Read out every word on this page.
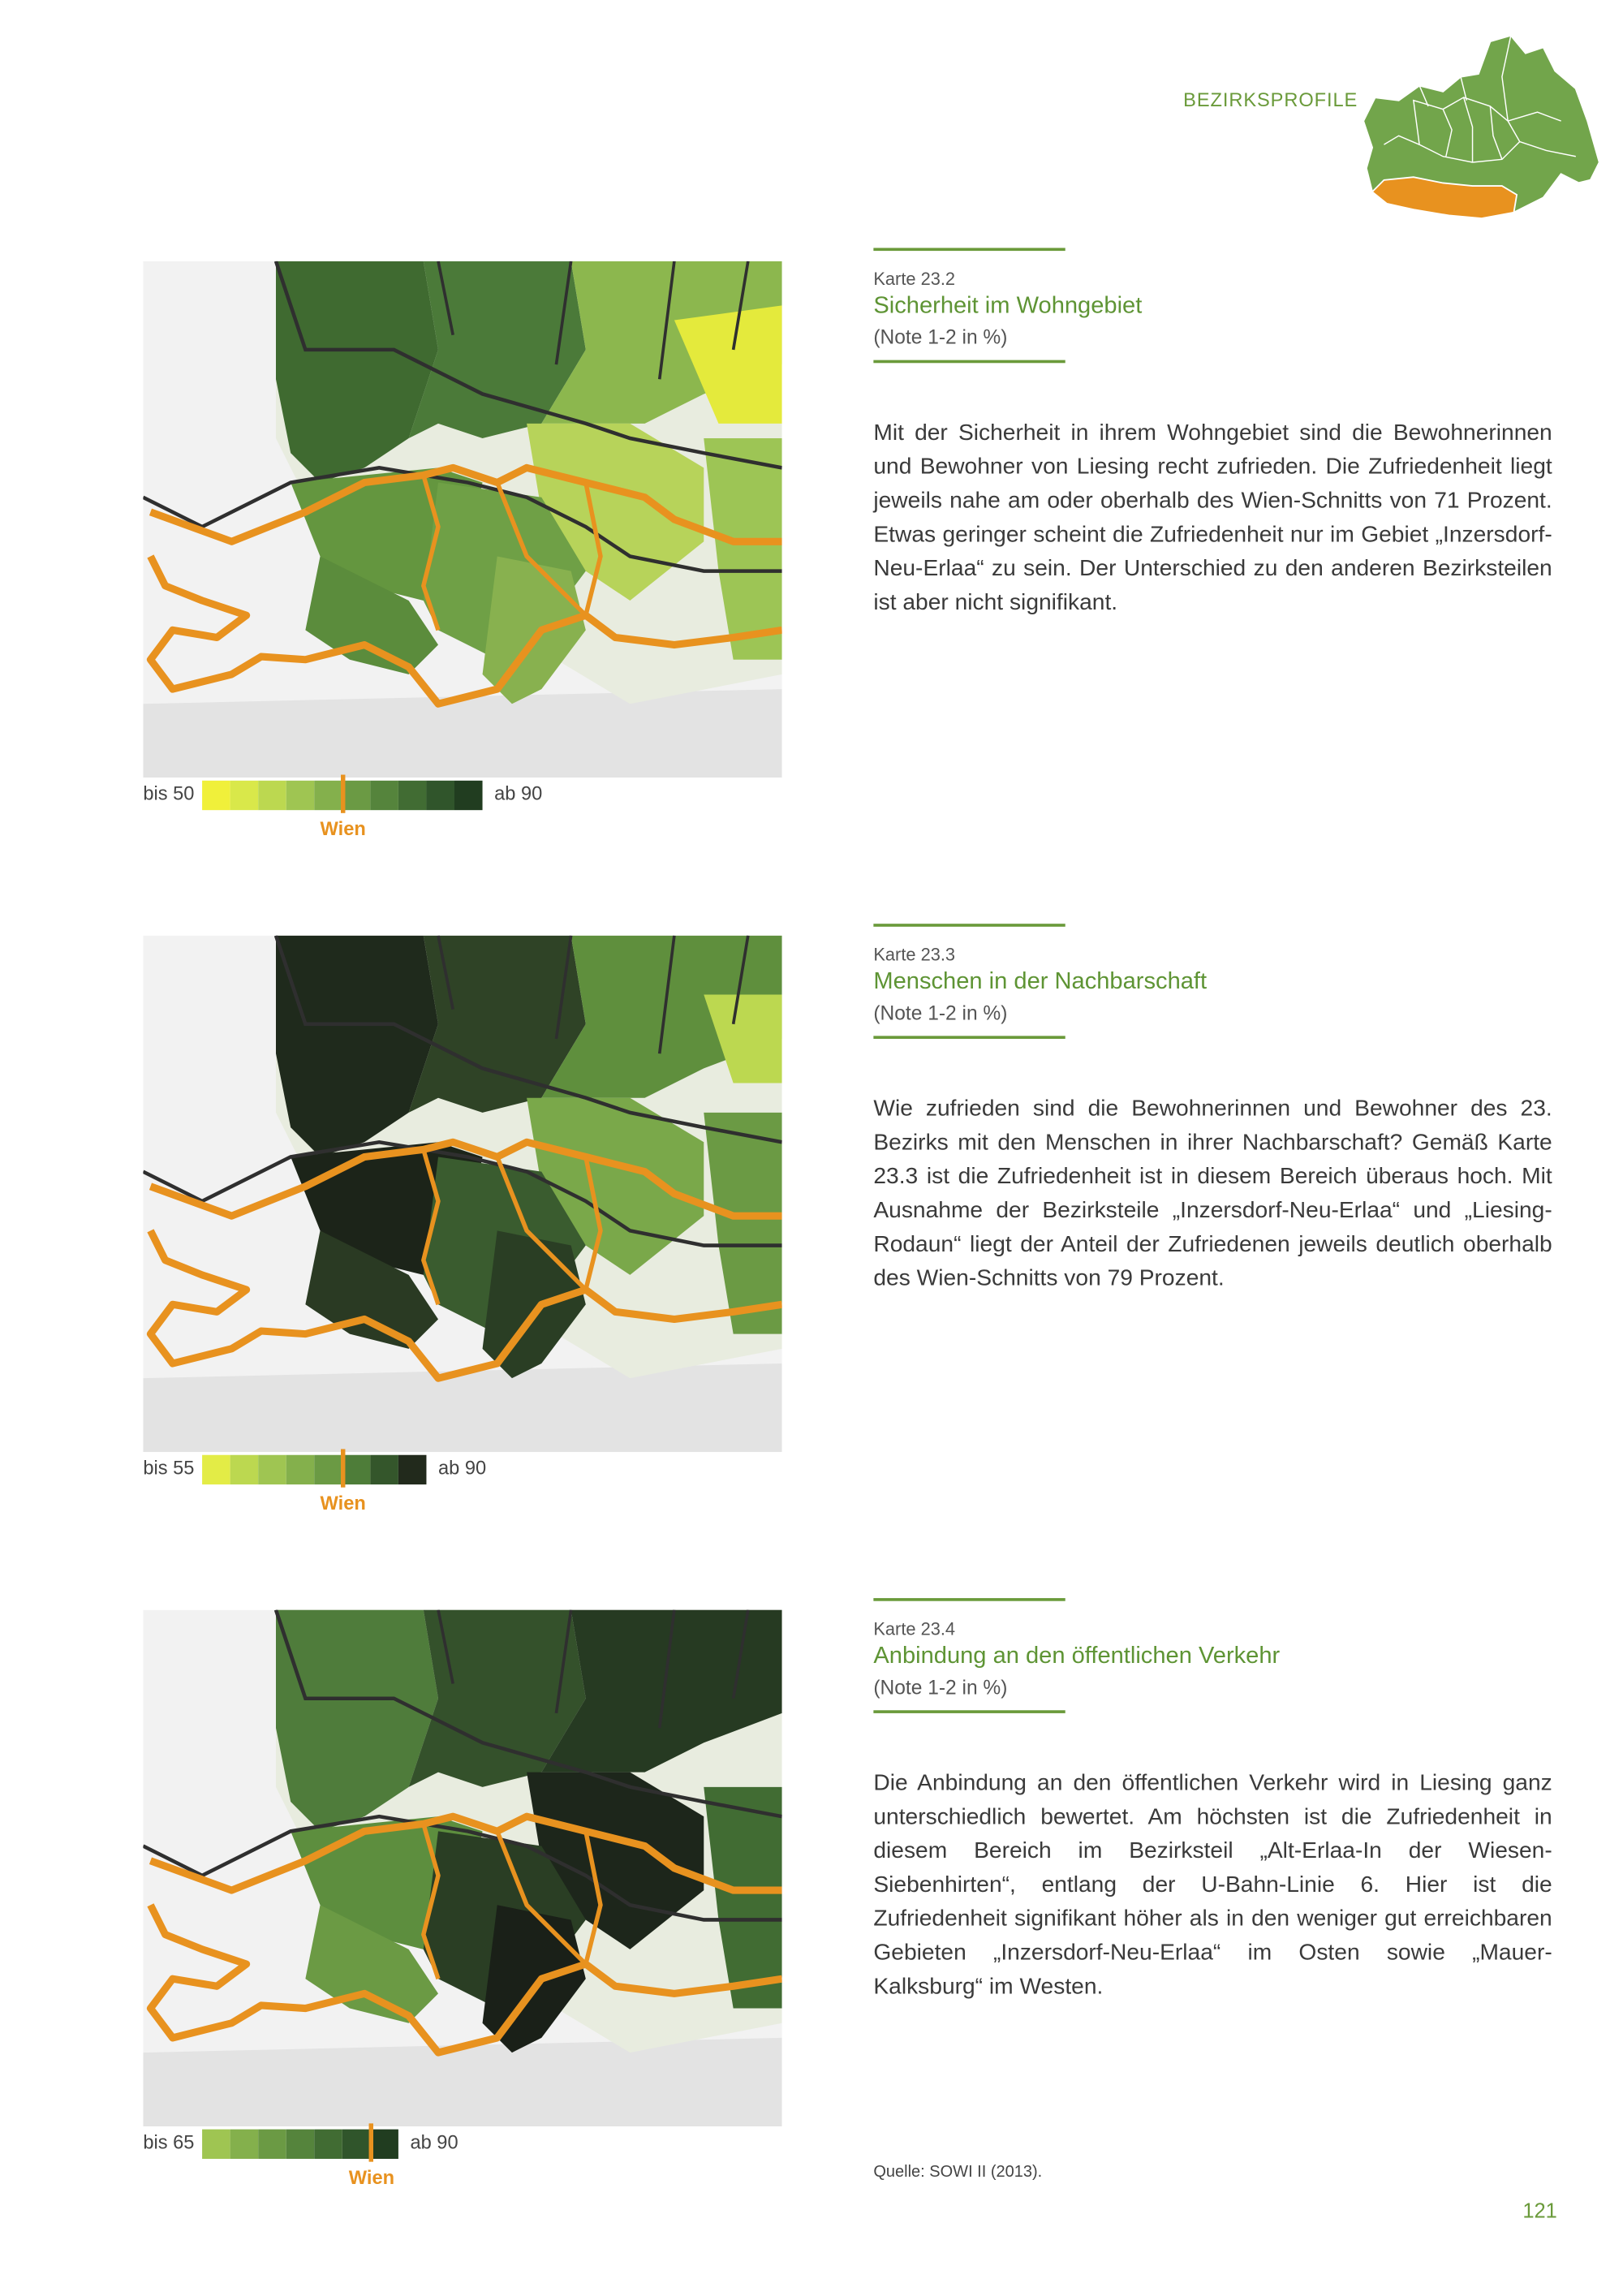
BEZIRKSPROFILE
bis 50
Wien
ab 90
bis 55
Wien
ab 90
bis 65
Wien
ab 90
Karte 23.2
Sicherheit im Wohngebiet
(Note 1-2 in %)
Mit der Sicherheit in ihrem Wohngebiet sind die Bewohnerinnen und Bewohner von Liesing recht zufrieden. Die Zufriedenheit liegt jeweils nahe am oder oberhalb des Wien-Schnitts von 71 Prozent. Etwas geringer scheint die Zufriedenheit nur im Gebiet „Inzersdorf-Neu-Erlaa“ zu sein. Der Unterschied zu den anderen Bezirksteilen ist aber nicht signifikant.
Karte 23.3
Menschen in der Nachbarschaft
(Note 1-2 in %)
Wie zufrieden sind die Bewohnerinnen und Bewohner des 23. Bezirks mit den Menschen in ihrer Nachbarschaft? Gemäß Karte 23.3 ist die Zufriedenheit ist in diesem Bereich überaus hoch. Mit Ausnahme der Bezirksteile „Inzersdorf-Neu-Erlaa“ und „Liesing-Rodaun“ liegt der Anteil der Zufriedenen jeweils deutlich oberhalb des Wien-Schnitts von 79 Prozent.
Karte 23.4
Anbindung an den öffentlichen Verkehr
(Note 1-2 in %)
Die Anbindung an den öffentlichen Verkehr wird in Liesing ganz unterschiedlich bewertet. Am höchsten ist die Zufriedenheit in diesem Bereich im Bezirksteil „Alt-Erlaa-In der Wiesen-Siebenhirten“, entlang der U-Bahn-Linie 6. Hier ist die Zufriedenheit signifikant höher als in den weniger gut erreichbaren Gebieten „Inzersdorf-Neu-Erlaa“ im Osten sowie „Mauer-Kalksburg“ im Westen.
Quelle: SOWI II (2013).
121
